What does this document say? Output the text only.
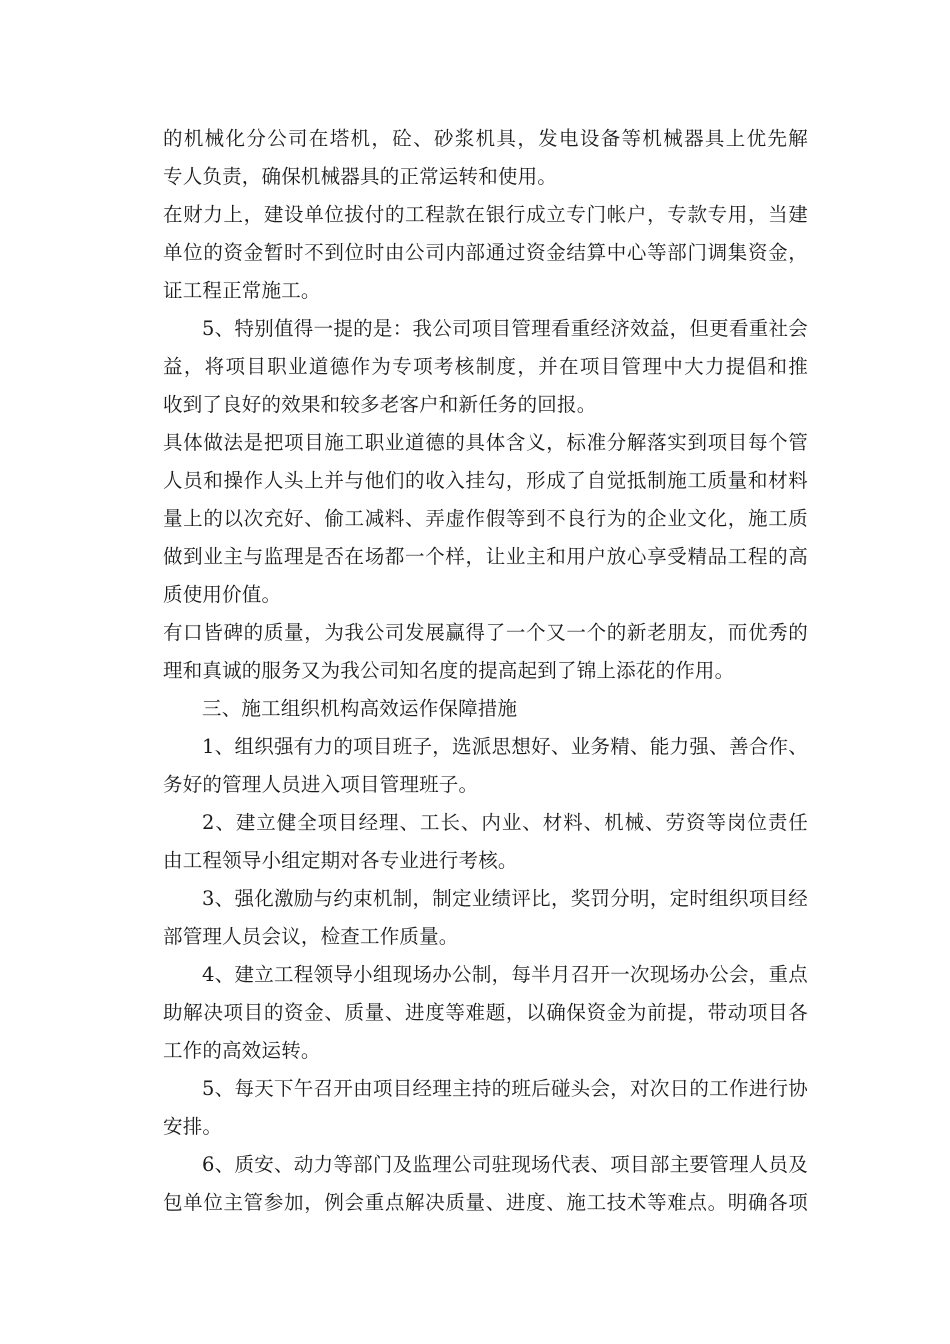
的机械化分公司在塔机，砼、砂浆机具，发电设备等机械器具上优先解
专人负责，确保机械器具的正常运转和使用。
在财力上，建设单位拔付的工程款在银行成立专门帐户，专款专用，当建
单位的资金暂时不到位时由公司内部通过资金结算中心等部门调集资金，
证工程正常施工。
5、特别值得一提的是：我公司项目管理看重经济效益，但更看重社会
益，将项目职业道德作为专项考核制度，并在项目管理中大力提倡和推
收到了良好的效果和较多老客户和新任务的回报。
具体做法是把项目施工职业道德的具体含义，标准分解落实到项目每个管
人员和操作人头上并与他们的收入挂勾，形成了自觉抵制施工质量和材料
量上的以次充好、偷工减料、弄虚作假等到不良行为的企业文化，施工质
做到业主与监理是否在场都一个样，让业主和用户放心享受精品工程的高
质使用价值。
有口皆碑的质量，为我公司发展赢得了一个又一个的新老朋友，而优秀的
理和真诚的服务又为我公司知名度的提高起到了锦上添花的作用。
三、施工组织机构高效运作保障措施
1、组织强有力的项目班子，选派思想好、业务精、能力强、善合作、
务好的管理人员进入项目管理班子。
2、建立健全项目经理、工长、内业、材料、机械、劳资等岗位责任
由工程领导小组定期对各专业进行考核。
3、强化激励与约束机制，制定业绩评比，奖罚分明，定时组织项目经
部管理人员会议，检查工作质量。
4、建立工程领导小组现场办公制，每半月召开一次现场办公会，重点
助解决项目的资金、质量、进度等难题，以确保资金为前提，带动项目各
工作的高效运转。
5、每天下午召开由项目经理主持的班后碰头会，对次日的工作进行协
安排。
6、质安、动力等部门及监理公司驻现场代表、项目部主要管理人员及
包单位主管参加，例会重点解决质量、进度、施工技术等难点。明确各项
